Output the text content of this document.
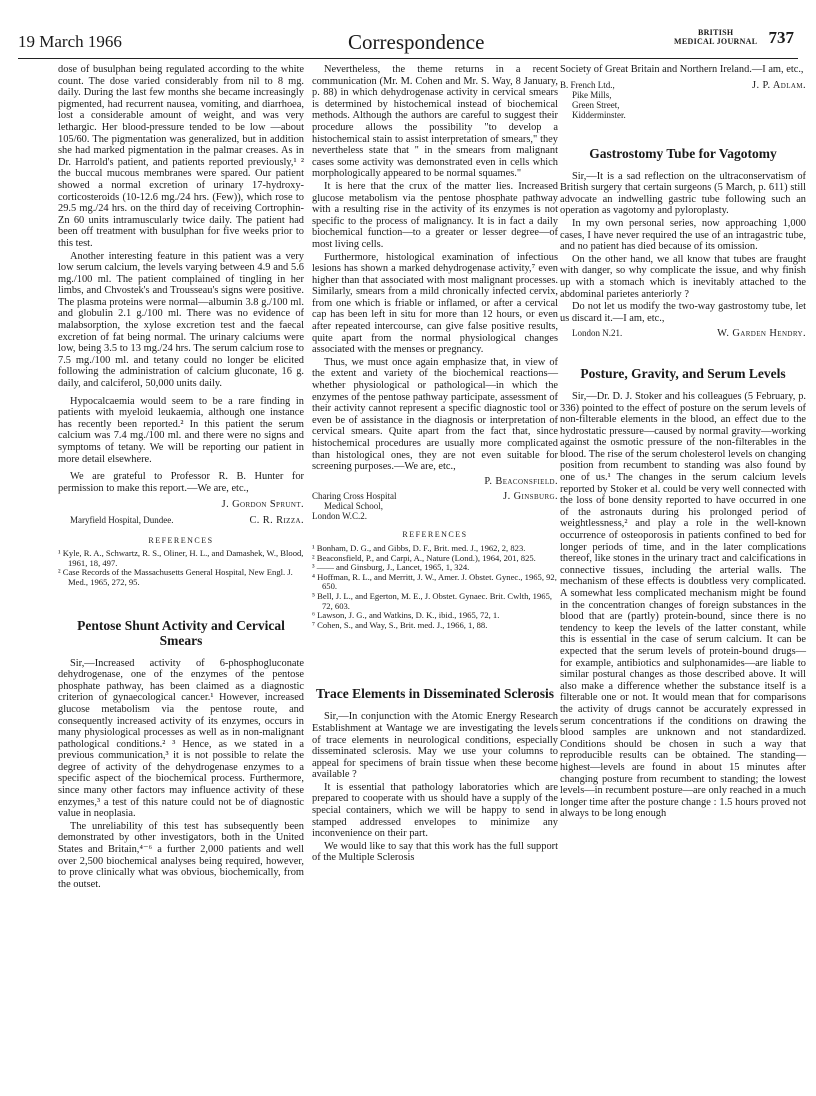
19 March 1966	Correspondence	BRITISH
MEDICAL JOURNAL 737

dose of busulphan being regulated according to the white count. The dose varied considerably from nil to 8 mg. daily. During the last few months she became increasingly pigmented, had recurrent nausea, vomiting, and diarrhoea, lost a considerable amount of weight, and was very lethargic. Her blood-pressure tended to be low —about 105/60. The pigmentation was generalized, but in addition she had marked pigmentation in the palmar creases. As in Dr. Harrold's patient, and patients reported previously,¹ ² the buccal mucous membranes were spared. Our patient showed a normal excretion of urinary 17-hydroxy-corticosteroids (10-12.6 mg./24 hrs. (Few)), which rose to 29.5 mg./24 hrs. on the third day of receiving Cortrophin-Zn 60 units intramuscularly twice daily. The patient had been off treatment with busulphan for five weeks prior to this test.

Another interesting feature in this patient was a very low serum calcium, the levels varying between 4.9 and 5.6 mg./100 ml. The patient complained of tingling in her limbs, and Chvostek's and Trousseau's signs were positive. The plasma proteins were normal—albumin 3.8 g./100 ml. and globulin 2.1 g./100 ml. There was no evidence of malabsorption, the xylose excretion test and the faecal excretion of fat being normal. The urinary calciums were low, being 3.5 to 13 mg./24 hrs. The serum calcium rose to 7.5 mg./100 ml. and tetany could no longer be elicited following the administration of calcium gluconate, 16 g. daily, and calciferol, 50,000 units daily.

Hypocalcaemia would seem to be a rare finding in patients with myeloid leukaemia, although one instance has recently been reported.² In this patient the serum calcium was 7.4 mg./100 ml. and there were no signs and symptoms of tetany. We will be reporting our patient in more detail elsewhere.

We are grateful to Professor R. B. Hunter for permission to make this report.—We are, etc.,

J. Gordon Sprunt.

Maryfield Hospital, Dundee.	C. R. Rizza.

REFERENCES
¹ Kyle, R. A., Schwartz, R. S., Oliner, H. L., and Damashek, W., Blood, 1961, 18, 497.
² Case Records of the Massachusetts General Hospital, New Engl. J. Med., 1965, 272, 95.
Pentose Shunt Activity and Cervical Smears

Sir,—Increased activity of 6-phosphogluconate dehydrogenase, one of the enzymes of the pentose phosphate pathway, has been claimed as a diagnostic criterion of gynaecological cancer.¹ However, increased glucose metabolism via the pentose route, and consequently increased activity of its enzymes, occurs in many physiological processes as well as in non-malignant pathological conditions.² ³ Hence, as we stated in a previous communication,³ it is not possible to relate the degree of activity of the dehydrogenase enzymes to a specific aspect of the biochemical process. Furthermore, since many other factors may influence activity of these enzymes,³ a test of this nature could not be of diagnostic value in neoplasia.

The unreliability of this test has subsequently been demonstrated by other investigators, both in the United States and Britain,⁴⁻⁶ a further 2,000 patients and well over 2,500 biochemical analyses being required, however, to prove clinically what was obvious, biochemically, from the outset.

Nevertheless, the theme returns in a recent communication (Mr. M. Cohen and Mr. S. Way, 8 January, p. 88) in which dehydrogenase activity in cervical smears is determined by histochemical instead of biochemical methods. Although the authors are careful to suggest their procedure allows the possibility "to develop a histochemical stain to assist interpretation of smears," they nevertheless state that " in the smears from malignant cases some activity was demonstrated even in cells which morphologically appeared to be normal squames."

It is here that the crux of the matter lies. Increased glucose metabolism via the pentose phosphate pathway with a resulting rise in the activity of its enzymes is not specific to the process of malignancy. It is in fact a daily biochemical function—to a greater or lesser degree—of most living cells.

Furthermore, histological examination of infectious lesions has shown a marked dehydrogenase activity,⁷ even higher than that associated with most malignant processes. Similarly, smears from a mild chronically infected cervix, from one which is friable or inflamed, or after a cervical cap has been left in situ for more than 12 hours, or even after repeated intercourse, can give false positive results, quite apart from the normal physiological changes associated with the menses or pregnancy.

Thus, we must once again emphasize that, in view of the extent and variety of the biochemical reactions—whether physiological or pathological—in which the enzymes of the pentose pathway participate, assessment of their activity cannot represent a specific diagnostic tool or even be of assistance in the diagnosis or interpretation of cervical smears. Quite apart from the fact that, since histochemical procedures are usually more complicated than histological ones, they are not even suitable for screening purposes.—We are, etc.,

P. Beaconsfield.

Charing Cross Hospital
Medical School,
London W.C.2.

J. Ginsburg.

REFERENCES
¹ Bonham, D. G., and Gibbs, D. F., Brit. med. J., 1962, 2, 823.
² Beaconsfield, P., and Carpi, A., Nature (Lond.), 1964, 201, 825.
³ —— and Ginsburg, J., Lancet, 1965, 1, 324.
⁴ Hoffman, R. L., and Merritt, J. W., Amer. J. Obstet. Gynec., 1965, 92, 650.
⁵ Bell, J. L., and Egerton, M. E., J. Obstet. Gynaec. Brit. Cwlth, 1965, 72, 603.
⁶ Lawson, J. G., and Watkins, D. K., ibid., 1965, 72, 1.
⁷ Cohen, S., and Way, S., Brit. med. J., 1966, 1, 88.
Trace Elements in Disseminated Sclerosis

Sir,—In conjunction with the Atomic Energy Research Establishment at Wantage we are investigating the levels of trace elements in neurological conditions, especially disseminated sclerosis. May we use your columns to appeal for specimens of brain tissue when these become available ?

It is essential that pathology laboratories which are prepared to cooperate with us should have a supply of the special containers, which we will be happy to send in stamped addressed envelopes to minimize any inconvenience on their part.

We would like to say that this work has the full support of the Multiple Sclerosis

Society of Great Britain and Northern Ireland.—I am, etc.,

B. French Ltd.,
Pike Mills,
Green Street,
Kidderminster.

J. P. Adlam.

Gastrostomy Tube for Vagotomy

Sir,—It is a sad reflection on the ultraconservatism of British surgery that certain surgeons (5 March, p. 611) still advocate an indwelling gastric tube following such an operation as vagotomy and pyloroplasty.

In my own personal series, now approaching 1,000 cases, I have never required the use of an intragastric tube, and no patient has died because of its omission.

On the other hand, we all know that tubes are fraught with danger, so why complicate the issue, and why finish up with a stomach which is inevitably attached to the abdominal parietes anteriorly ?

Do not let us modify the two-way gastrostomy tube, let us discard it.—I am, etc.,

London N.21.	W. Garden Hendry.

Posture, Gravity, and Serum Levels

Sir,—Dr. D. J. Stoker and his colleagues (5 February, p. 336) pointed to the effect of posture on the serum levels of non-filterable elements in the blood, an effect due to the hydrostatic pressure—caused by normal gravity—working against the osmotic pressure of the non-filterables in the blood. The rise of the serum cholesterol levels on changing position from recumbent to standing was also found by one of us.¹ The changes in the serum calcium levels reported by Stoker et al. could be very well connected with the loss of bone density reported to have occurred in one of the astronauts during his prolonged period of weightlessness,² and play a role in the well-known occurrence of osteoporosis in patients confined to bed for longer periods of time, and in the later complications thereof, like stones in the urinary tract and calcifications in connective tissues, including the arterial walls. The mechanism of these effects is doubtless very complicated. A somewhat less complicated mechanism might be found in the concentration changes of foreign substances in the blood that are (partly) protein-bound, since there is no tendency to keep the levels of the latter constant, while this is essential in the case of serum calcium. It can be expected that the serum levels of protein-bound drugs—for example, antibiotics and sulphonamides—are liable to similar postural changes as those described above. It will also make a difference whether the substance itself is a filterable one or not. It would mean that for comparisons the activity of drugs cannot be accurately expressed in serum concentrations if the conditions on drawing the blood samples are unknown and not standardized. Conditions should be chosen in such a way that reproducible results can be obtained. The standing—highest—levels are found in about 15 minutes after changing posture from recumbent to standing; the lowest levels—in recumbent posture—are only reached in a much longer time after the posture change : 1.5 hours proved not always to be long enough
